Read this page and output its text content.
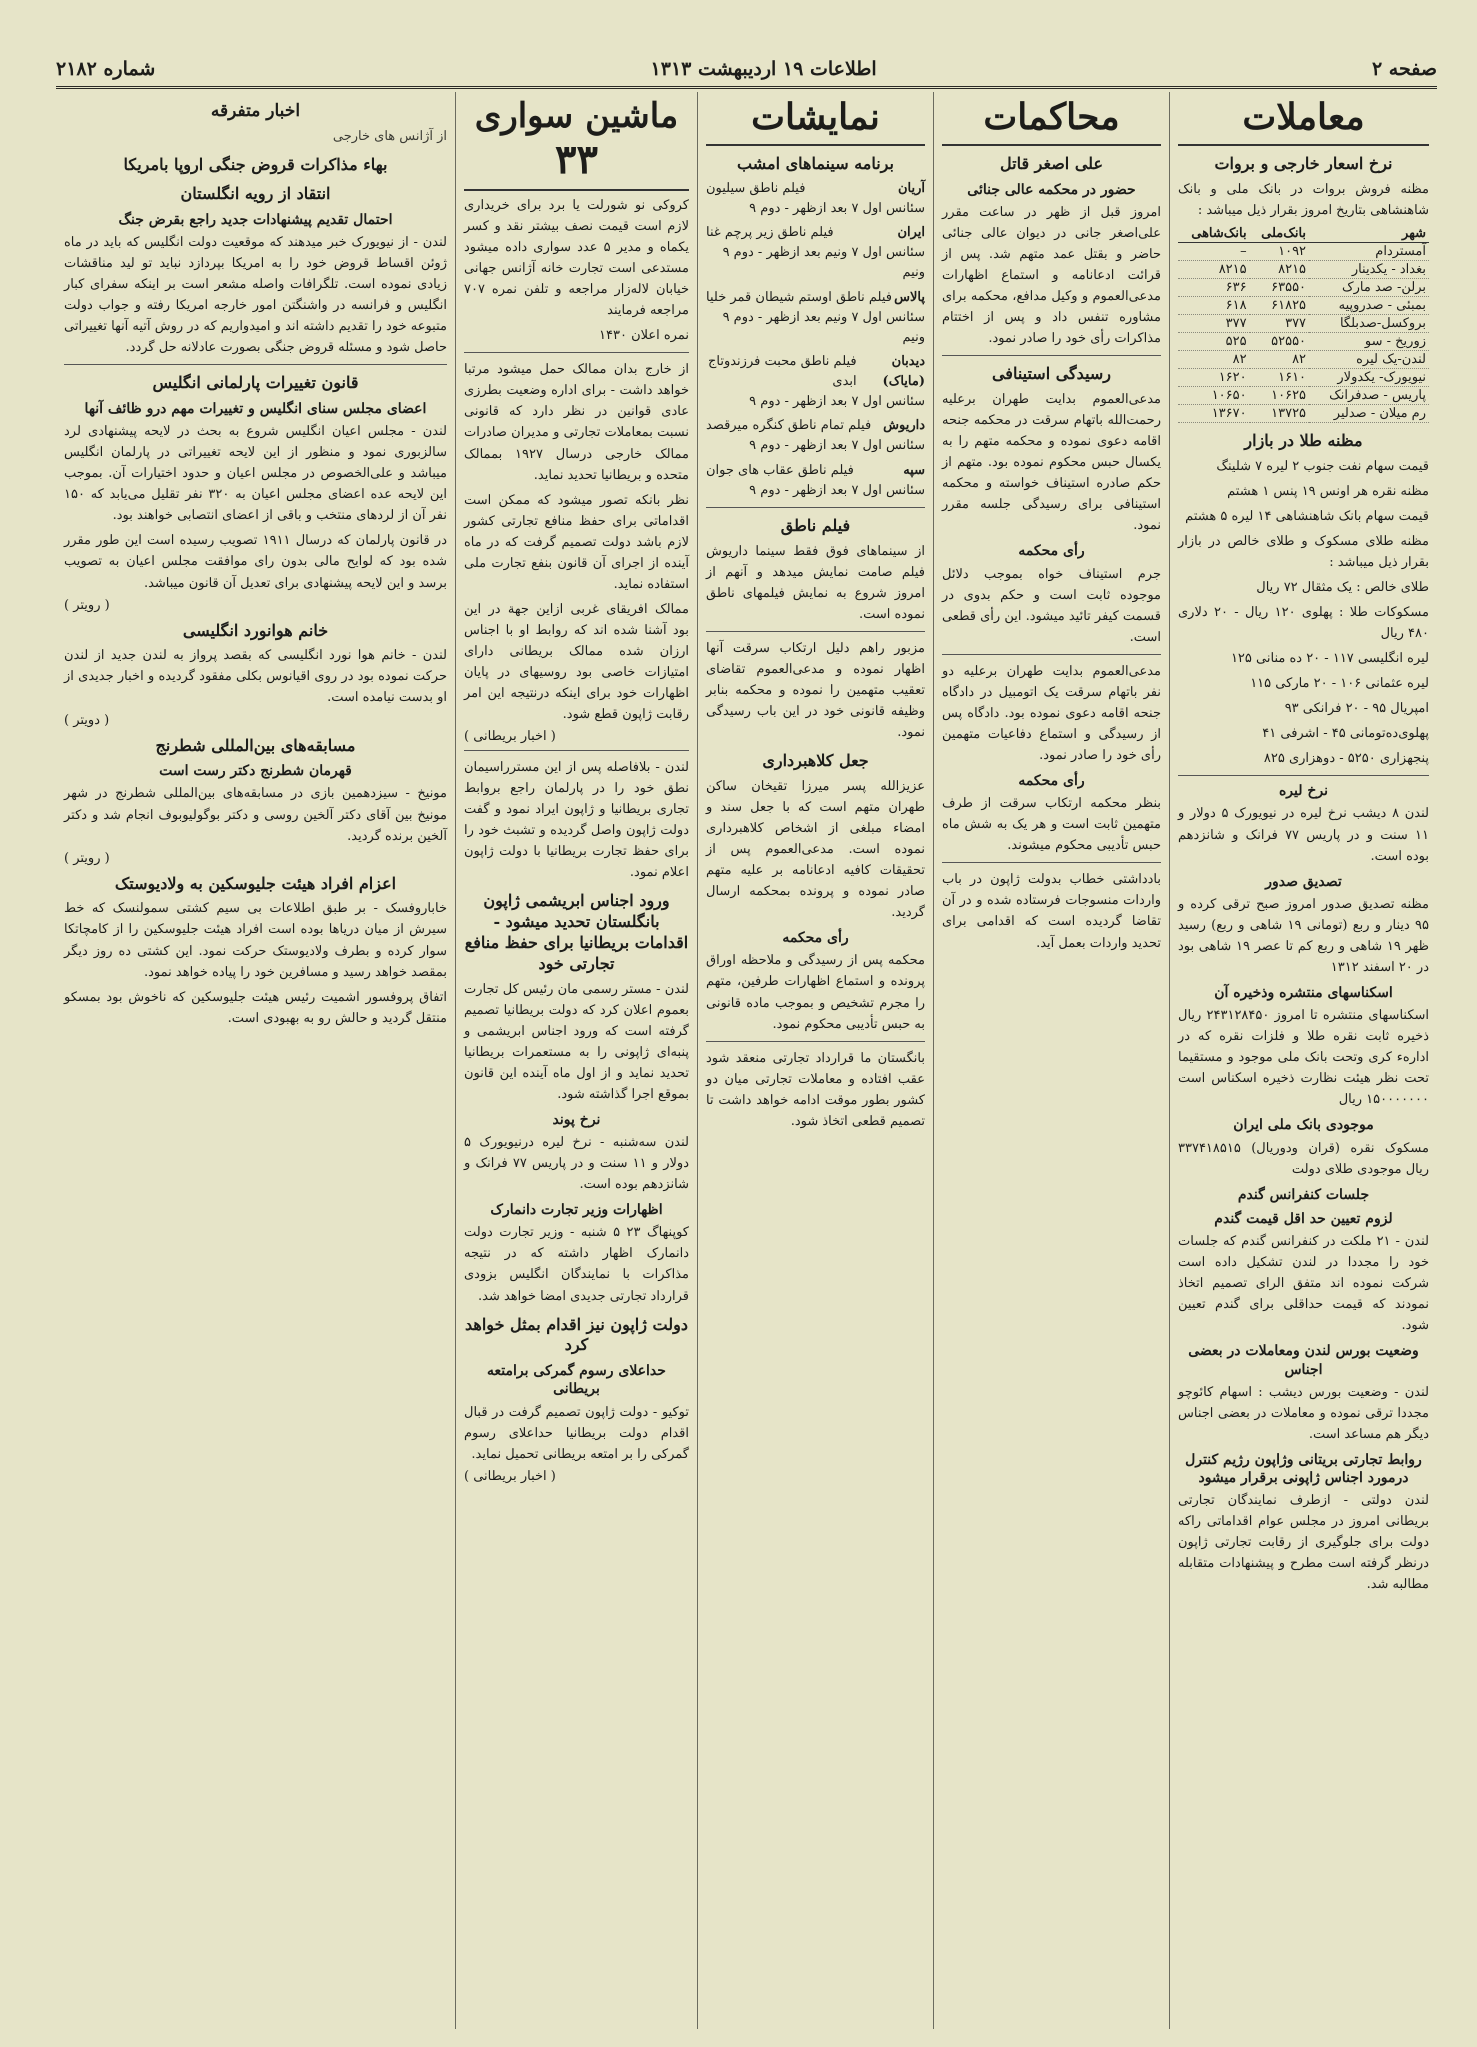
صفحه ۲
اطلاعات ۱۹ اردیبهشت ۱۳۱۳
شماره ۲۱۸۲
معاملات
نرخ اسعار خارجی و بروات

مظنه فروش بروات در بانک ملی و بانک شاهنشاهی بتاریخ امروز بقرار ذیل میباشد :

شهر	بانک‌ملی	بانک‌شاهی
آمستردام	۱۰۹۲	–
بغداد - یکدینار	۸۲۱۵	۸۲۱۵
برلن- صد مارک	۶۳۵۵۰	۶۳۶
بمبئی - صدروپیه	۶۱۸۲۵	۶۱۸
بروکسل-صدبلگا	۳۷۷	۳۷۷
زوریخ - سو	۵۲۵۵۰	۵۲۵
لندن-یک لیره	۸۲	۸۲
نیویورک- یکدولار	۱۶۱۰	۱۶۲۰
پاریس - صدفرانک	۱۰۶۲۵	۱۰۶۵۰
رم میلان - صدلیر	۱۳۷۲۵	۱۳۶۷۰
مظنه طلا در بازار

قیمت سهام نفت جنوب ۲ لیره ۷ شلینگ

مظنه نقره هر اونس ۱۹ پنس ۱ هشتم

قیمت سهام بانک شاهنشاهی ۱۴ لیره ۵ هشتم

مظنه طلای مسکوک و طلای خالص در بازار بقرار ذیل میباشد :

طلای خالص : یک مثقال ۷۲ ریال

مسکوکات طلا : پهلوی ۱۲۰ ریال - ۲۰ دلاری ۴۸۰ ریال

لیره انگلیسی ۱۱۷ - ۲۰ ده منانی ۱۲۵

لیره عثمانی ۱۰۶ - ۲۰ مارکی ۱۱۵

امپریال ۹۵ - ۲۰ فرانکی ۹۳

پهلوی‌ده‌تومانی ۴۵ - اشرفی ۴۱

پنجهزاری ۵۲۵۰ - دوهزاری ۸۲۵

نرخ لیره

لندن ۸ دیشب نرخ لیره در نیویورک ۵ دولار و ۱۱ سنت و در پاریس ۷۷ فرانک و شانزدهم بوده است.

تصدیق صدور

مظنه تصدیق صدور امروز صبح ترقی کرده و ۹۵ دینار و ربع (تومانی ۱۹ شاهی و ربع) رسید ظهر ۱۹ شاهی و ربع کم تا عصر ۱۹ شاهی بود در ۲۰ اسفند ۱۳۱۲

اسکناسهای منتشره وذخیره آن

اسکناسهای منتشره تا امروز ۲۴۳۱۲۸۴۵۰ ریال ذخیره ثابت نقره طلا و فلزات نقره که در ادارهء کری وتحت بانک ملی موجود و مستقیما تحت نظر هیئت نظارت ذخیره اسکناس است ۱۵۰۰۰۰۰۰۰ ریال

موجودی بانک ملی ایران

مسکوک نقره (قران ودوریال) ۳۳۷۴۱۸۵۱۵ ریال موجودی طلای دولت

جلسات کنفرانس گندم
لزوم تعیین حد اقل قیمت گندم

لندن - ۲۱ ملکت در کنفرانس گندم که جلسات خود را مجددا در لندن تشکیل داده است شرکت نموده اند متفق الرای تصمیم اتخاذ نمودند که قیمت حداقلی برای گندم تعیین شود.

وضعیت بورس لندن ومعاملات در بعضی اجناس

لندن - وضعیت بورس دیشب : اسهام کائوچو مجددا ترقی نموده و معاملات در بعضی اجناس دیگر هم مساعد است.

روابط تجارتی بریتانی وژاپون رژیم کنترل درمورد اجناس ژاپونی برقرار میشود

لندن دولتی - ازطرف نمایندگان تجارتی بریطانی امروز در مجلس عوام اقداماتی راکه دولت برای جلوگیری از رقابت تجارتی ژاپون درنظر گرفته است مطرح و پیشنهادات متقابله مطالبه شد.

محاکمات
علی اصغر قاتل
حضور در محکمه عالی جنائی

امروز قبل از ظهر در ساعت مقرر علی‌اصغر جانی در دیوان عالی جنائی حاضر و بقتل عمد متهم شد. پس از قرائت ادعانامه و استماع اظهارات مدعی‌العموم و وکیل مدافع، محکمه برای مشاوره تنفس داد و پس از اختتام مذاکرات رأی خود را صادر نمود.

رسیدگی استینافی

مدعی‌العموم بدایت طهران برعلیه رحمت‌الله باتهام سرقت در محکمه جنحه اقامه دعوی نموده و محکمه متهم را به یکسال حبس محکوم نموده بود. متهم از حکم صادره استیناف خواسته و محکمه استینافی برای رسیدگی جلسه مقرر نمود.

رأی محکمه

جرم استیناف خواه بموجب دلائل موجوده ثابت است و حکم بدوی در قسمت کیفر تائید میشود. این رأی قطعی است.

مدعی‌العموم بدایت طهران برعلیه دو نفر باتهام سرقت یک اتومبیل در دادگاه جنحه اقامه دعوی نموده بود. دادگاه پس از رسیدگی و استماع دفاعیات متهمین رأی خود را صادر نمود.

رأی محکمه

بنظر محکمه ارتکاب سرقت از طرف متهمین ثابت است و هر یک به شش ماه حبس تأدیبی محکوم میشوند.

بادداشتی خطاب بدولت ژاپون در باب واردات منسوجات فرستاده شده و در آن تقاضا گردیده است که اقدامی برای تحدید واردات بعمل آید.

نمایشات
برنامه سینماهای امشب
آریان
فیلم ناطق سیلیون
سئانس اول ۷ بعد ازظهر - دوم ۹
ایران
فیلم ناطق زیر پرچم غنا
سئانس اول ۷ ونیم بعد ازظهر - دوم ۹ ونیم
پالاس
فیلم ناطق اوستم شیطان قمر خلیا
سئانس اول ۷ ونیم بعد ازظهر - دوم ۹ ونیم
دیدبان (مایاک)
فیلم ناطق محبت فرزندوتاج ابدی
سئانس اول ۷ بعد ازظهر - دوم ۹
داریوش
فیلم تمام ناطق کنگره میرقصد
سئانس اول ۷ بعد ازظهر - دوم ۹
سپه
فیلم ناطق عقاب های جوان
سئانس اول ۷ بعد ازظهر - دوم ۹
فیلم ناطق

از سینماهای فوق فقط سینما داریوش فیلم صامت نمایش میدهد و آنهم از امروز شروع به نمایش فیلمهای ناطق نموده است.

مزبور راهم دلیل ارتکاب سرقت آنها اظهار نموده و مدعی‌العموم تقاضای تعقیب متهمین را نموده و محکمه بنابر وظیفه قانونی خود در این باب رسیدگی نمود.

جعل کلاهبرداری

عزیزالله پسر میرزا تقیخان ساکن طهران متهم است که با جعل سند و امضاء مبلغی از اشخاص کلاهبرداری نموده است. مدعی‌العموم پس از تحقیقات کافیه ادعانامه بر علیه متهم صادر نموده و پرونده بمحکمه ارسال گردید.

رأی محکمه

محکمه پس از رسیدگی و ملاحظه اوراق پرونده و استماع اظهارات طرفین، متهم را مجرم تشخیص و بموجب ماده قانونی به حبس تأدیبی محکوم نمود.

بانگستان ما قرارداد تجارتی منعقد شود عقب افتاده و معاملات تجارتی میان دو کشور بطور موقت ادامه خواهد داشت تا تصمیم قطعی اتخاذ شود.

ماشین سواری ۳۳

کروکی نو شورلت یا برد برای خریداری لازم است قیمت نصف بیشتر نقد و کسر یکماه و مدیر ۵ عدد سواری داده میشود مستدعی است تجارت خانه آژانس جهانی خیابان لاله‌زار مراجعه و تلفن نمره ۷۰۷ مراجعه فرمایند

نمره اعلان ۱۴۳۰

از خارج بدان ممالک حمل میشود مرتبا خواهد داشت - برای اداره وضعیت بطرزی عادی قوانین در نظر دارد که قانونی نسبت بمعاملات تجارتی و مدیران صادرات ممالک خارجی درسال ۱۹۲۷ بممالک متحده و بریطانیا تحدید نماید.

نظر بانکه تصور میشود که ممکن است اقداماتی برای حفظ منافع تجارتی کشور لازم باشد دولت تصمیم گرفت که در ماه آینده از اجرای آن قانون بنفع تجارت ملی استفاده نماید.

ممالک افریقای غربی ازاین جهة در این بود آشنا شده اند که روابط او با اجناس ارزان شده ممالک بریطانی دارای امتیازات خاصی بود روسیهای در پایان اظهارات خود برای اینکه درنتیجه این امر رقابت ژاپون قطع شود.

( اخبار بریطانی )

لندن - بلافاصله پس از این مسترراسیمان نطق خود را در پارلمان راجع بروابط تجاری بریطانیا و ژاپون ایراد نمود و گفت دولت ژاپون واصل گردیده و تشبث خود را برای حفظ تجارت بریطانیا با دولت ژاپون اعلام نمود.

ورود اجناس ابریشمی ژاپون بانگلستان تحدید میشود - اقدامات بریطانیا برای حفظ منافع تجارتی خود

لندن - مستر رسمی مان رئیس کل تجارت بعموم اعلان کرد که دولت بریطانیا تصمیم گرفته است که ورود اجناس ابریشمی و پنبه‌ای ژاپونی را به مستعمرات بریطانیا تحدید نماید و از اول ماه آینده این قانون بموقع اجرا گذاشته شود.

نرخ پوند

لندن سه‌شنبه - نرخ لیره درنیویورک ۵ دولار و ۱۱ سنت و در پاریس ۷۷ فرانک و شانزدهم بوده است.

اظهارات وزیر تجارت دانمارک

کوپنهاگ ۲۳ ۵ شنبه - وزیر تجارت دولت دانمارک اظهار داشته که در نتیجه مذاکرات با نمایندگان انگلیس بزودی قرارداد تجارتی جدیدی امضا خواهد شد.

دولت ژاپون نیز اقدام بمثل خواهد کرد
حداعلای رسوم گمرکی برامتعه بریطانی

توکیو - دولت ژاپون تصمیم گرفت در قبال اقدام دولت بریطانیا حداعلای رسوم گمرکی را بر امتعه بریطانی تحمیل نماید.

( اخبار بریطانی )
اخبار متفرقه

از آژانس های خارجی

بهاء مذاکرات قروض جنگی اروپا بامریکا
انتقاد از رویه انگلستان
احتمال تقدیم پیشنهادات جدید راجع بقرض جنگ

لندن - از نیویورک خبر میدهند که موقعیت دولت انگلیس که باید در ماه ژوئن اقساط قروض خود را به امریکا بپردازد نباید تو لید مناقشات زیادی نموده است. تلگرافات واصله مشعر است بر اینکه سفرای کبار انگلیس و فرانسه در واشنگتن امور خارجه امریکا رفته و جواب دولت متبوعه خود را تقدیم داشته اند و امیدواریم که در روش آتیه آنها تغییراتی حاصل شود و مسئله قروض جنگی بصورت عادلانه حل گردد.

قانون تغییرات پارلمانی انگلیس
اعضای مجلس سنای انگلیس و تغییرات مهم درو ظائف آنها

لندن - مجلس اعیان انگلیس شروع به بحث در لایحه پیشنهادی لرد سالزبوری نمود و منظور از این لایحه تغییراتی در پارلمان انگلیس میباشد و علی‌الخصوص در مجلس اعیان و حدود اختیارات آن. بموجب این لایحه عده اعضای مجلس اعیان به ۳۲۰ نفر تقلیل می‌یابد که ۱۵۰ نفر آن از لردهای منتخب و باقی از اعضای انتصابی خواهند بود.

در قانون پارلمان که درسال ۱۹۱۱ تصویب رسیده است این طور مقرر شده بود که لوایح مالی بدون رای موافقت مجلس اعیان به تصویب برسد و این لایحه پیشنهادی برای تعدیل آن قانون میباشد.

( رویتر )
خانم هوانورد انگلیسی

لندن - خانم هوا نورد انگلیسی که بقصد پرواز به لندن جدید از لندن حرکت نموده بود در روی اقیانوس بکلی مفقود گردیده و اخبار جدیدی از او بدست نیامده است.

( دویتر )
مسابقه‌های بین‌المللی شطرنج
قهرمان شطرنج دکتر رست است

مونیخ - سیزدهمین بازی در مسابقه‌های بین‌المللی شطرنج در شهر مونیخ بین آقای دکتر آلخین روسی و دکتر بوگولیوبوف انجام شد و دکتر آلخین برنده گردید.

( رویتر )
اعزام افراد هیئت جلیوسکین به ولادیوستک

خاباروفسک - بر طبق اطلاعات بی سیم کشتی سمولنسک که خط سیرش از میان دریاها بوده است افراد هیئت جلیوسکین را از کامچاتکا سوار کرده و بطرف ولادیوستک حرکت نمود. این کشتی ده روز دیگر بمقصد خواهد رسید و مسافرین خود را پیاده خواهد نمود.

اتفاق پروفسور اشمیت رئیس هیئت جلیوسکین که ناخوش بود بمسکو منتقل گردید و حالش رو به بهبودی است.
